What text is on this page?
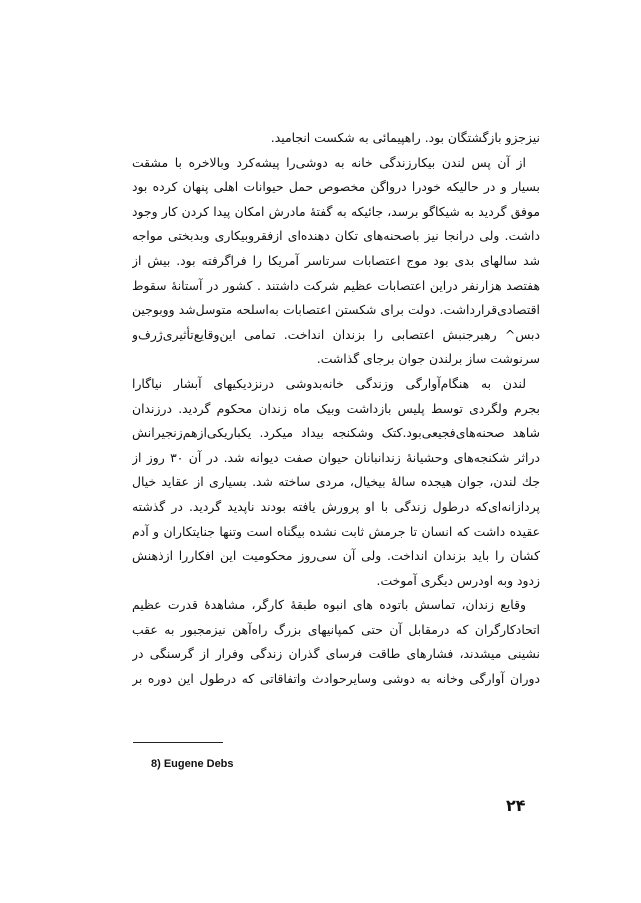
نیزجزو بازگشتگان بود. راهپیمائی به شکست انجامید.
از آن پس لندن بیکارزندگی خانه به دوشی‌را پیشه‌کرد وبالاخره با مشقت
بسیار و در حالیکه خودرا درواگن مخصوص حمل حیوانات اهلی پنهان کرده بود
موفق گردید به شیکاگو برسد، جائیکه به گفتهٔ مادرش امکان پیدا کردن کار وجود
داشت. ولی درانجا نیز باصحنه‌های تکان دهنده‌ای ازفقروبیکاری وبدبختی مواجه
شد سالهای بدی بود موج اعتصابات سرتاسر آمریکا را فراگرفته بود. بیش از
هفتصد هزارنفر دراین اعتصابات عظیم شرکت داشتند . کشور در آستانهٔ سقوط
اقتصادی‌قرارداشت. دولت برای شکستن اعتصابات به‌اسلحه متوسل‌شد ووبوجین
دبس^ رهبرجنبش اعتصابی را بزندان انداخت. تمامی این‌وقایع‌تأثیری‌ژرف‌و
سرنوشت ساز برلندن جوان برجای گذاشت.
لندن به هنگام‌آوارگی وزندگی خانه‌بدوشی درنزدیکیهای آبشار نیاگارا
بجرم ولگردی توسط پلیس بازداشت وبیک ماه زندان محکوم گردید. درزندان
شاهد صحنه‌های‌فجیعی‌بود.کتک وشکنجه بیداد میکرد. یکباریکی‌ازهم‌زنجیرانش
دراثر شکنجه‌های وحشیانهٔ زندانبانان حیوان صفت دیوانه شد. در آن ۳۰ روز از
جك لندن، جوان هیجده سالهٔ بیخیال، مردی ساخته شد. بسیاری از عقاید خیال
پردازانه‌ای‌که درطول زندگی با او پرورش یافته بودند ناپدید گردید. در گذشته
عقیده داشت که انسان تا جرمش ثابت نشده بیگناه است وتنها جنایتکاران و آدم
کشان را باید بزندان انداخت. ولی آن سی‌روز محکومیت این افکاررا ازذهنش
زدود وبه اودرس دیگری آموخت.
وقایع زندان، تماسش باتوده های انبوه طبقهٔ کارگر، مشاهدهٔ قدرت عظیم
اتحادکارگران که درمقابل آن حتی کمپانیهای بزرگ راه‌آهن نیزمجبور به عقب
نشینی میشدند، فشارهای طاقت فرسای گذران زندگی وفرار از گرسنگی در
دوران آوارگی وخانه به دوشی وسایرحوادث واتفاقاتی که درطول این دوره بر
8) Eugene Debs
۲۴
